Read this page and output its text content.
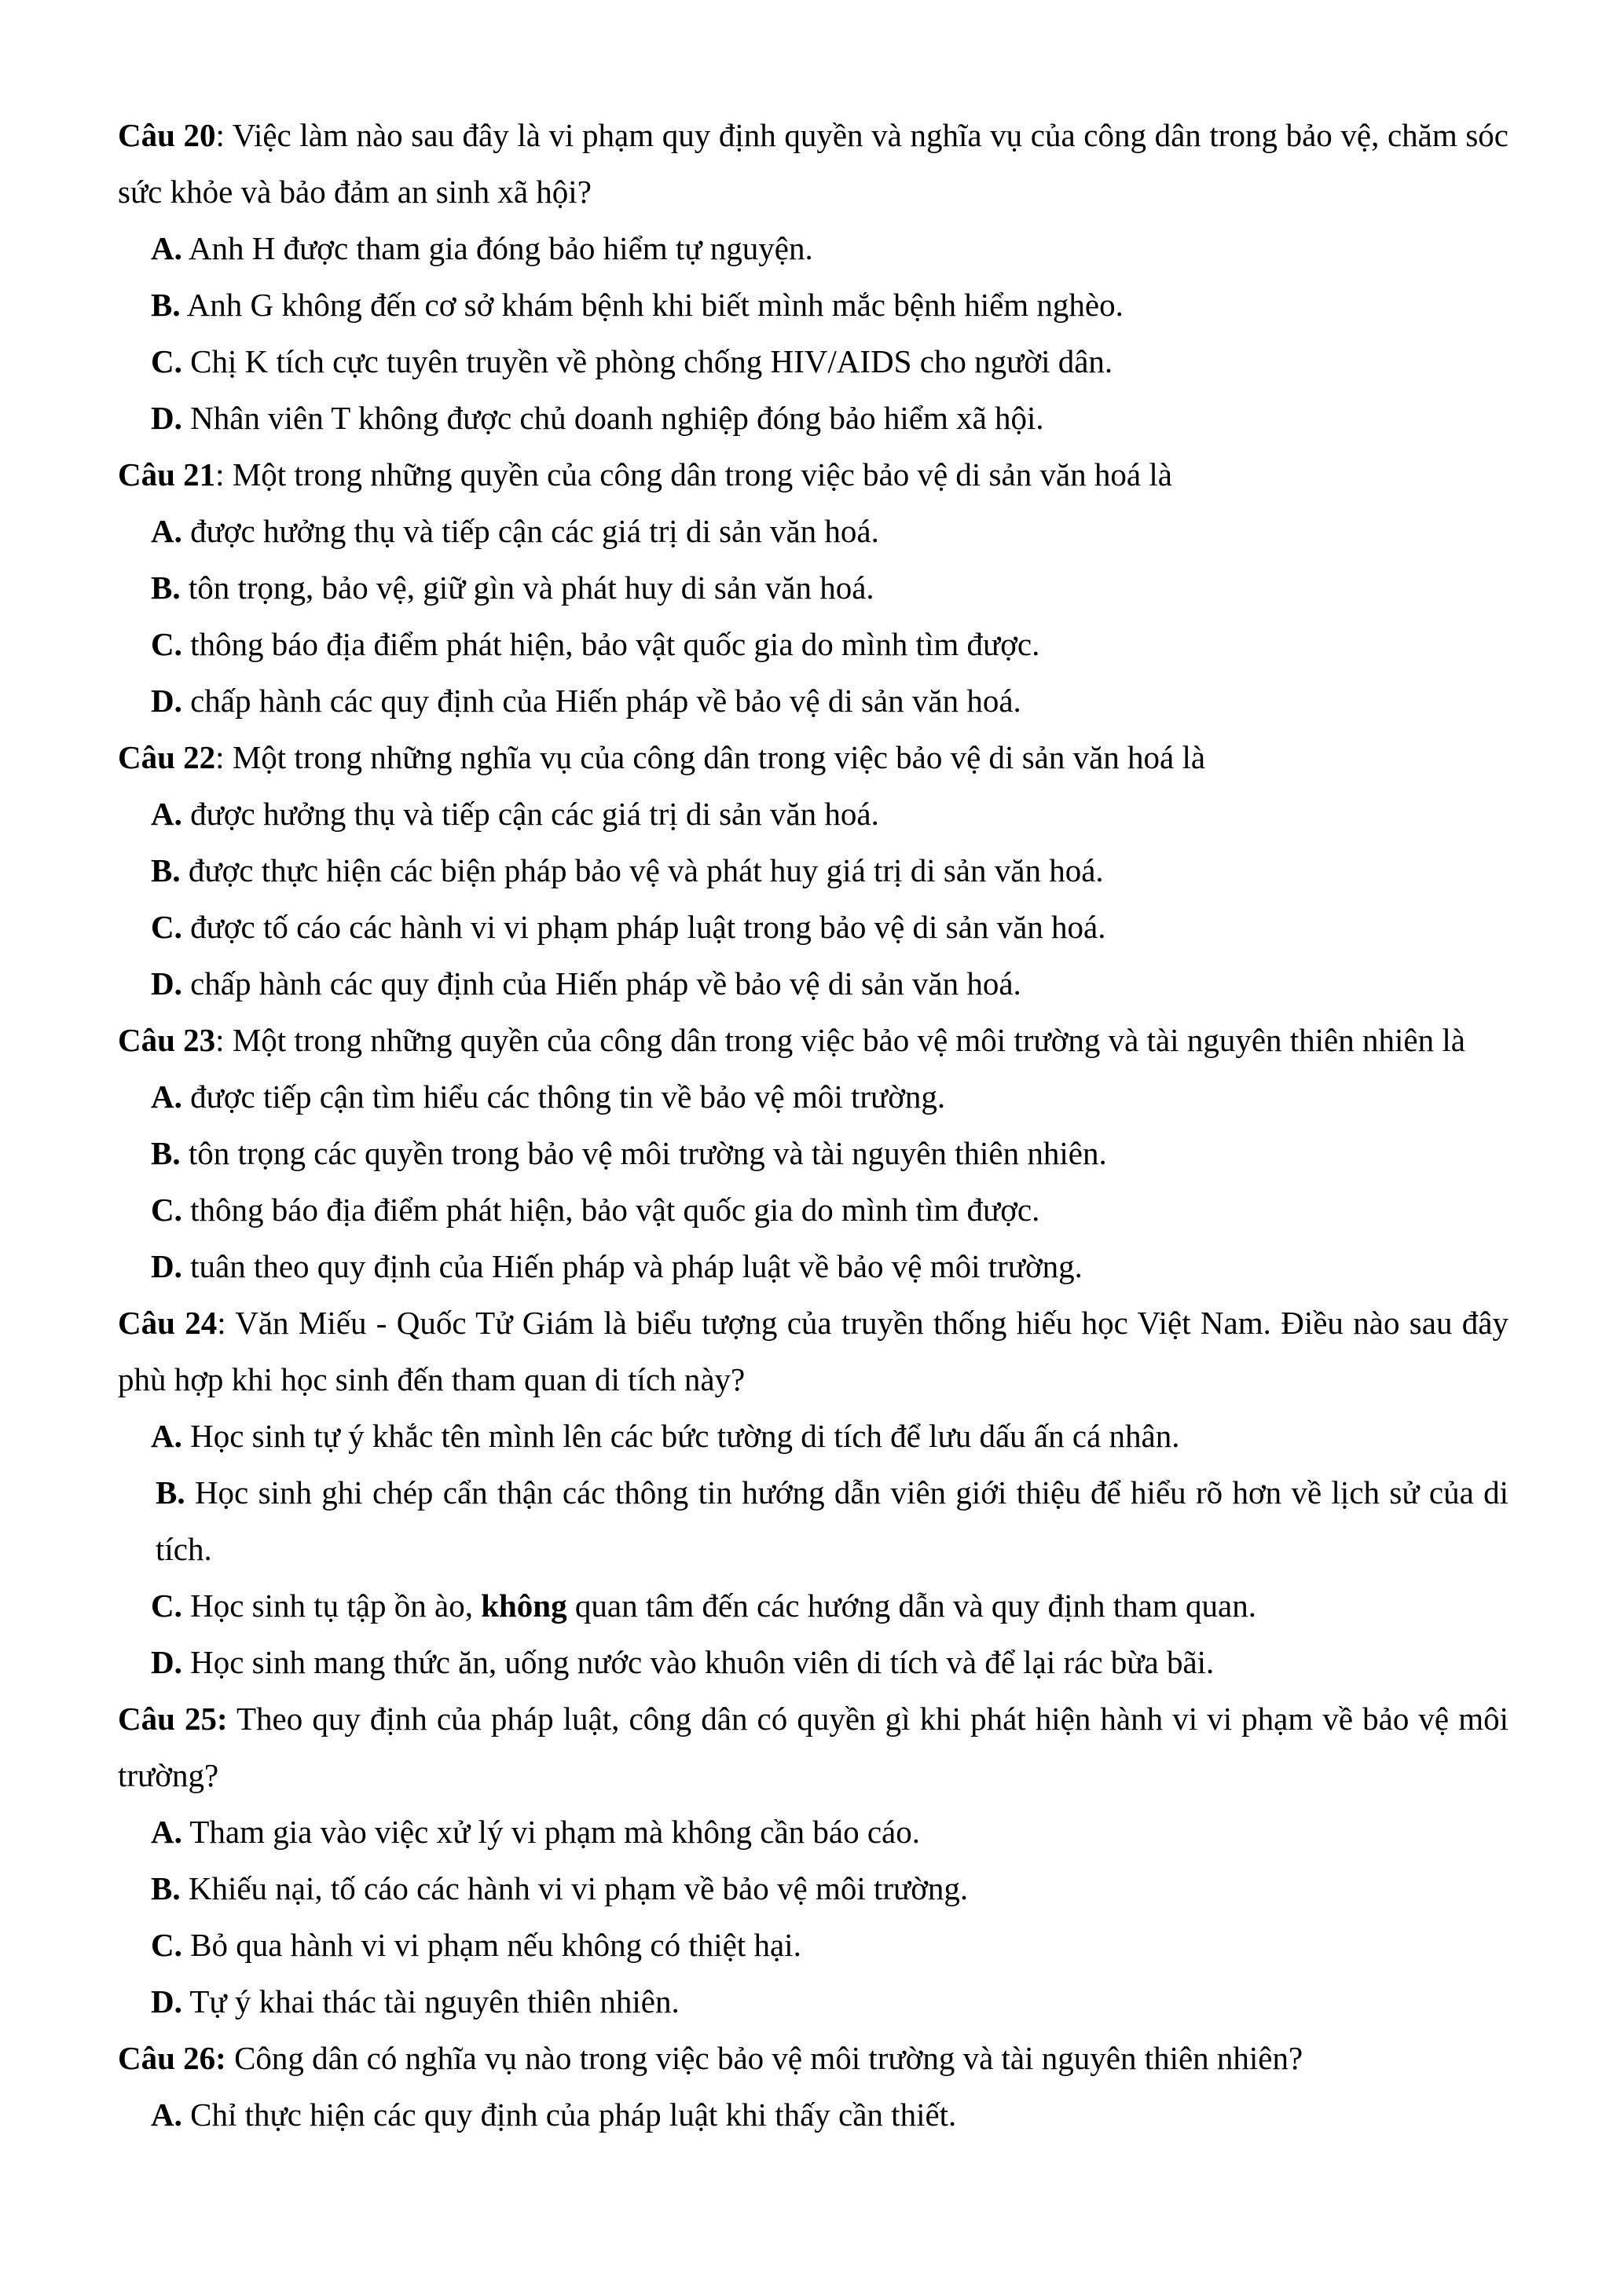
Câu 20: Việc làm nào sau đây là vi phạm quy định quyền và nghĩa vụ của công dân trong bảo vệ, chăm sóc sức khỏe và bảo đảm an sinh xã hội?
A. Anh H được tham gia đóng bảo hiểm tự nguyện.
B. Anh G không đến cơ sở khám bệnh khi biết mình mắc bệnh hiểm nghèo.
C. Chị K tích cực tuyên truyền về phòng chống HIV/AIDS cho người dân.
D. Nhân viên T không được chủ doanh nghiệp đóng bảo hiểm xã hội.
Câu 21: Một trong những quyền của công dân trong việc bảo vệ di sản văn hoá là
A. được hưởng thụ và tiếp cận các giá trị di sản văn hoá.
B. tôn trọng, bảo vệ, giữ gìn và phát huy di sản văn hoá.
C. thông báo địa điểm phát hiện, bảo vật quốc gia do mình tìm được.
D. chấp hành các quy định của Hiến pháp về bảo vệ di sản văn hoá.
Câu 22: Một trong những nghĩa vụ của công dân trong việc bảo vệ di sản văn hoá là
A. được hưởng thụ và tiếp cận các giá trị di sản văn hoá.
B. được thực hiện các biện pháp bảo vệ và phát huy giá trị di sản văn hoá.
C. được tố cáo các hành vi vi phạm pháp luật trong bảo vệ di sản văn hoá.
D. chấp hành các quy định của Hiến pháp về bảo vệ di sản văn hoá.
Câu 23: Một trong những quyền của công dân trong việc bảo vệ môi trường và tài nguyên thiên nhiên là
A. được tiếp cận tìm hiểu các thông tin về bảo vệ môi trường.
B. tôn trọng các quyền trong bảo vệ môi trường và tài nguyên thiên nhiên.
C. thông báo địa điểm phát hiện, bảo vật quốc gia do mình tìm được.
D. tuân theo quy định của Hiến pháp và pháp luật về bảo vệ môi trường.
Câu 24: Văn Miếu - Quốc Tử Giám là biểu tượng của truyền thống hiếu học Việt Nam. Điều nào sau đây phù hợp khi học sinh đến tham quan di tích này?
A. Học sinh tự ý khắc tên mình lên các bức tường di tích để lưu dấu ấn cá nhân.
B. Học sinh ghi chép cẩn thận các thông tin hướng dẫn viên giới thiệu để hiểu rõ hơn về lịch sử của di tích.
C. Học sinh tụ tập ồn ào, không quan tâm đến các hướng dẫn và quy định tham quan.
D. Học sinh mang thức ăn, uống nước vào khuôn viên di tích và để lại rác bừa bãi.
Câu 25: Theo quy định của pháp luật, công dân có quyền gì khi phát hiện hành vi vi phạm về bảo vệ môi trường?
A. Tham gia vào việc xử lý vi phạm mà không cần báo cáo.
B. Khiếu nại, tố cáo các hành vi vi phạm về bảo vệ môi trường.
C. Bỏ qua hành vi vi phạm nếu không có thiệt hại.
D. Tự ý khai thác tài nguyên thiên nhiên.
Câu 26: Công dân có nghĩa vụ nào trong việc bảo vệ môi trường và tài nguyên thiên nhiên?
A. Chỉ thực hiện các quy định của pháp luật khi thấy cần thiết.
